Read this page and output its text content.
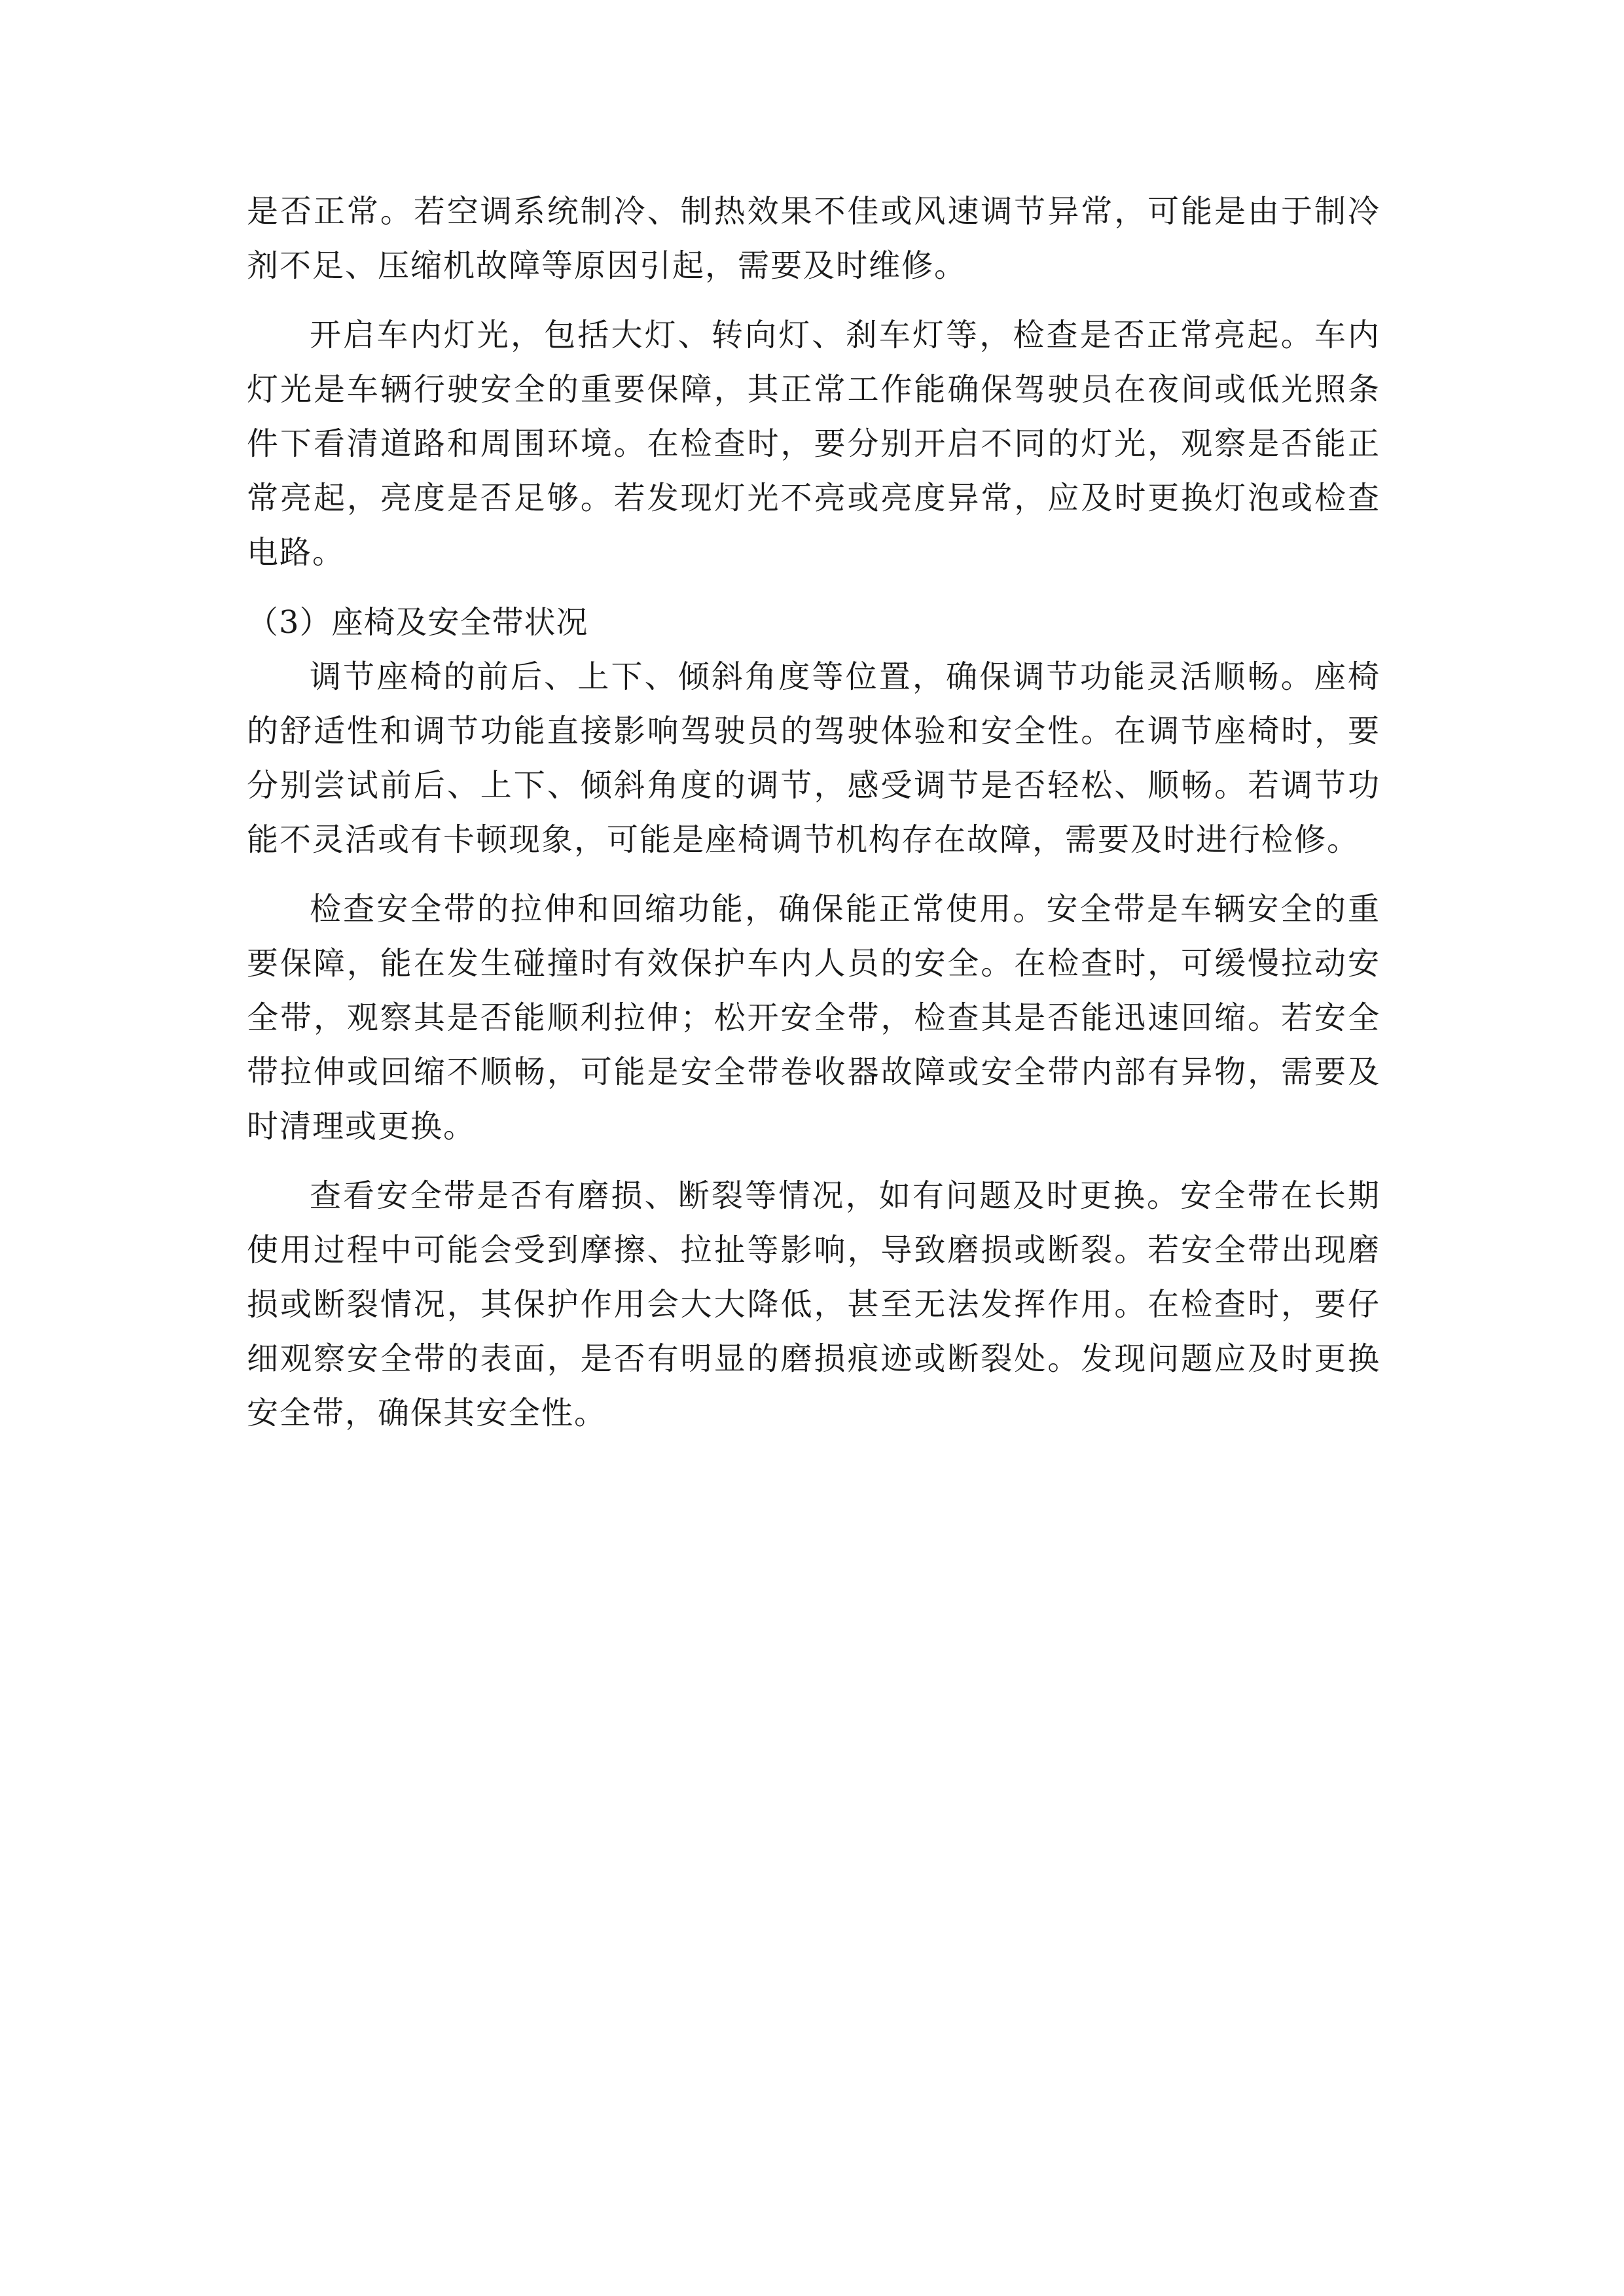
是否正常。若空调系统制冷、制热效果不佳或风速调节异常，可能是由于制冷剂不足、压缩机故障等原因引起，需要及时维修。

开启车内灯光，包括大灯、转向灯、刹车灯等，检查是否正常亮起。车内灯光是车辆行驶安全的重要保障，其正常工作能确保驾驶员在夜间或低光照条件下看清道路和周围环境。在检查时，要分别开启不同的灯光，观察是否能正常亮起，亮度是否足够。若发现灯光不亮或亮度异常，应及时更换灯泡或检查电路。

（3）座椅及安全带状况

调节座椅的前后、上下、倾斜角度等位置，确保调节功能灵活顺畅。座椅的舒适性和调节功能直接影响驾驶员的驾驶体验和安全性。在调节座椅时，要分别尝试前后、上下、倾斜角度的调节，感受调节是否轻松、顺畅。若调节功能不灵活或有卡顿现象，可能是座椅调节机构存在故障，需要及时进行检修。

检查安全带的拉伸和回缩功能，确保能正常使用。安全带是车辆安全的重要保障，能在发生碰撞时有效保护车内人员的安全。在检查时，可缓慢拉动安全带，观察其是否能顺利拉伸；松开安全带，检查其是否能迅速回缩。若安全带拉伸或回缩不顺畅，可能是安全带卷收器故障或安全带内部有异物，需要及时清理或更换。

查看安全带是否有磨损、断裂等情况，如有问题及时更换。安全带在长期使用过程中可能会受到摩擦、拉扯等影响，导致磨损或断裂。若安全带出现磨损或断裂情况，其保护作用会大大降低，甚至无法发挥作用。在检查时，要仔细观察安全带的表面，是否有明显的磨损痕迹或断裂处。发现问题应及时更换安全带，确保其安全性。
